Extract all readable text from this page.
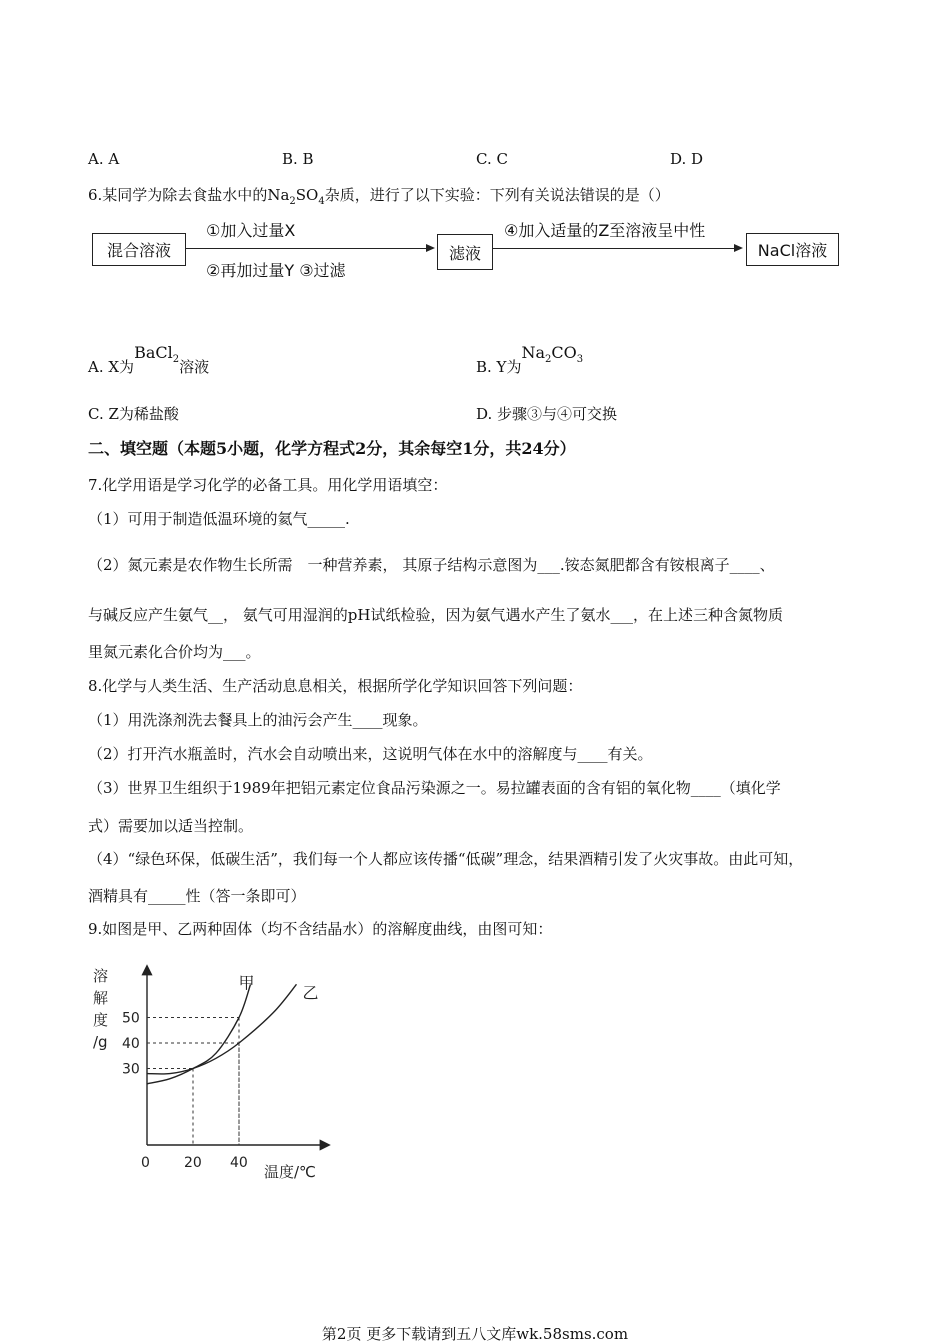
A. A	B. B	C. C	D. D
6.某同学为除去食盐水中的$Na_2SO_4$杂质，进行了以下实验：下列有关说法错误的是（）
混合溶液
①加入过量X
②再加过量Y ③过滤
滤液
④加入适量的Z至溶液呈中性
NaCl溶液
A. X为BaCl$_2$溶液	B. Y为$Na_2CO_3$
C. Z为稀盐酸	D. 步骤③与④可交换
二、填空题（本题5小题，化学方程式2分，其余每空1分，共24分）
7.化学用语是学习化学的必备工具。用化学用语填空：
（1）可用于制造低温环境的氦气_____.
（2）氮元素是农作物生长所需　一种营养素， 其原子结构示意图为___.铵态氮肥都含有铵根离子____、
与碱反应产生氨气__， 氨气可用湿润的pH试纸检验，因为氨气遇水产生了氨水___，在上述三种含氮物质
里氮元素化合价均为___。
8.化学与人类生活、生产活动息息相关，根据所学化学知识回答下列问题：
（1）用洗涤剂洗去餐具上的油污会产生____现象。
（2）打开汽水瓶盖时，汽水会自动喷出来，这说明气体在水中的溶解度与____有关。
（3）世界卫生组织于1989年把铝元素定位食品污染源之一。易拉罐表面的含有铝的氧化物____（填化学
式）需要加以适当控制。
（4）“绿色环保，低碳生活”，我们每一个人都应该传播“低碳”理念，结果酒精引发了火灾事故。由此可知，
酒精具有_____性（答一条即可）
9.如图是甲、乙两种固体（均不含结晶水）的溶解度曲线，由图可知：
溶
解
度
/g
甲
乙
30
40
50
0 20 40 温度/℃
第2页 更多下载请到五八文库wk.58sms.com
